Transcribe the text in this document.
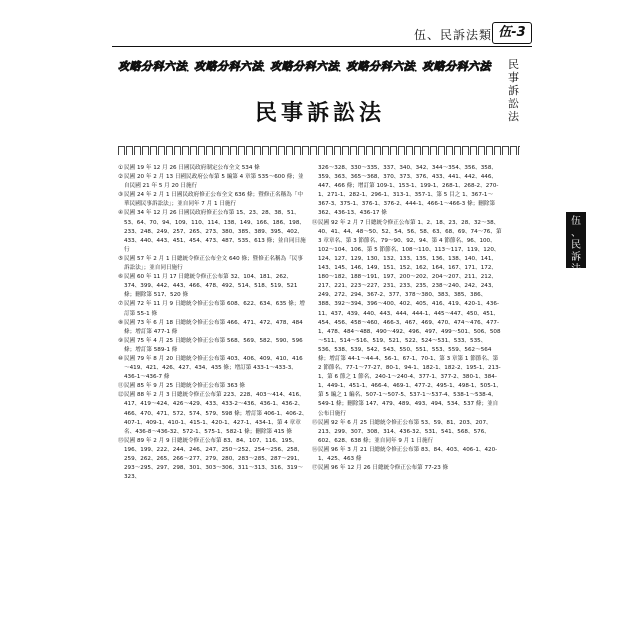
伍、民訴法類 伍-3
攻略分科六法 ．
攻略分科六法 ．
攻略分科六法 ．
攻略分科六法 ．
攻略分科六法 民
事
訴
訟
法
伍
、
民
訴
法
類
民事訴訟法
①民國 19 年 12 月 26 日國民政府制定公布全文 534 條
②民國 20 年 2 月 13 日國民政府公布第 5 編第 4 章第 535～600 條；並自民國 21 年 5 月 20 日施行
③民國 24 年 2 月 1 日國民政府修正公布全文 636 條；暨修正名稱為「中華民國民事訴訟法」；並自同年 7 月 1 日施行
④民國 34 年 12 月 26 日國民政府修正公布第 15、23、28、38、51、53、64、70、94、109、110、114、138、149、166、186、198、233、248、249、257、265、273、380、385、389、395、402、433、440、443、451、454、473、487、535、613 條；並自同日施行
⑤民國 57 年 2 月 1 日總統令修正公布全文 640 條；暨修正名稱為「民事訴訟法」；並自同日施行
⑥民國 60 年 11 月 17 日總統令修正公布第 32、104、181、262、374、399、442、443、466、478、492、514、518、519、521 條；刪除第 517、520 條
⑦民國 72 年 11 月 9 日總統令修正公布第 608、622、634、635 條；增訂第 55-1 條
⑧民國 73 年 6 月 18 日總統令修正公布第 466、471、472、478、484 條；增訂第 477-1 條
⑨民國 75 年 4 月 25 日總統令修正公布第 568、569、582、590、596 條；增訂第 589-1 條
⑩民國 79 年 8 月 20 日總統令修正公布第 403、406、409、410、416～419、421、426、427、434、435 條；增訂第 433-1～433-3、436-1～436-7 條
⑪民國 85 年 9 月 25 日總統令修正公布第 363 條
⑫民國 88 年 2 月 3 日總統令修正公布第 223、228、403～414、416、417、419～424、426～429、433、433-2～436、436-1、436-2、466、470、471、572、574、579、598 條；增訂第 406-1、406-2、407-1、409-1、410-1、415-1、420-1、427-1、434-1、第 4 章章名、436-8～436-32、572-1、575-1、582-1 條；刪除第 415 條
⑬民國 89 年 2 月 9 日總統令修正公布第 83、84、107、116、195、196、199、222、244、246、247、250～252、254～256、258、259、262、265、266～277、279、280、283～285、287～291、293～295、297、298、301、303～306、311～313、316、319～323、
326～328、330～335、337、340、342、344～354、356、358、359、363、365～368、370、373、376、433、441、442、446、447、466 條；增訂第 109-1、153-1、199-1、268-1、268-2、270-1、271-1、282-1、296-1、313-1、357-1、第 5 目之 1、367-1～367-3、375-1、376-1、376-2、444-1、466-1～466-3 條；刪除第 362、436-13、436-17 條
⑭民國 92 年 2 月 7 日總統令修正公布第 1、2、18、23、28、32～38、40、41、44、48～50、52、54、56、58、63、68、69、74～76、第 3 章章名、第 3 節節名、79～90、92、94、第 4 節節名、96、100、102～104、106、第 5 節節名、108～110、113～117、119、120、124、127、129、130、132、133、135、136、138、140、141、143、145、146、149、151、152、162、164、167、171、172、180～182、188～191、197、200～202、204～207、211、212、217、221、223～227、231、233、235、238～240、242、243、249、272、294、367-2、377、378～380、383、385、386、388、392～394、396～400、402、405、416、419、420-1、436-11、437、439、440、443、444、444-1、445～447、450、451、454、456、458～460、466-3、467、469、470、474～476、477-1、478、484～488、490～492、496、497、499～501、506、508～511、514～516、519、521、522、524～531、533、535、536、538、539、542、543、550、551、553、559、562～564 條；增訂第 44-1～44-4、56-1、67-1、70-1、第 3 章第 1 節節名、第 2 節節名、77-1～77-27、80-1、94-1、182-1、182-2、195-1、213-1、第 6 節之 1 節名、240-1～240-4、377-1、377-2、380-1、384-1、449-1、451-1、466-4、469-1、477-2、495-1、498-1、505-1、第 5 編之 1 編名、507-1～507-5、537-1～537-4、538-1～538-4、549-1 條；刪除第 147、479、489、493、494、534、537 條；並自公布日施行
⑮民國 92 年 6 月 25 日總統令修正公布第 53、59、81、203、207、213、299、307、308、314、436-32、531、541、568、576、602、628、638 條；並自同年 9 月 1 日施行
⑯民國 96 年 3 月 21 日總統令修正公布第 83、84、403、406-1、420-1、425、463 條
⑰民國 96 年 12 月 26 日總統令修正公布第 77-23 條
